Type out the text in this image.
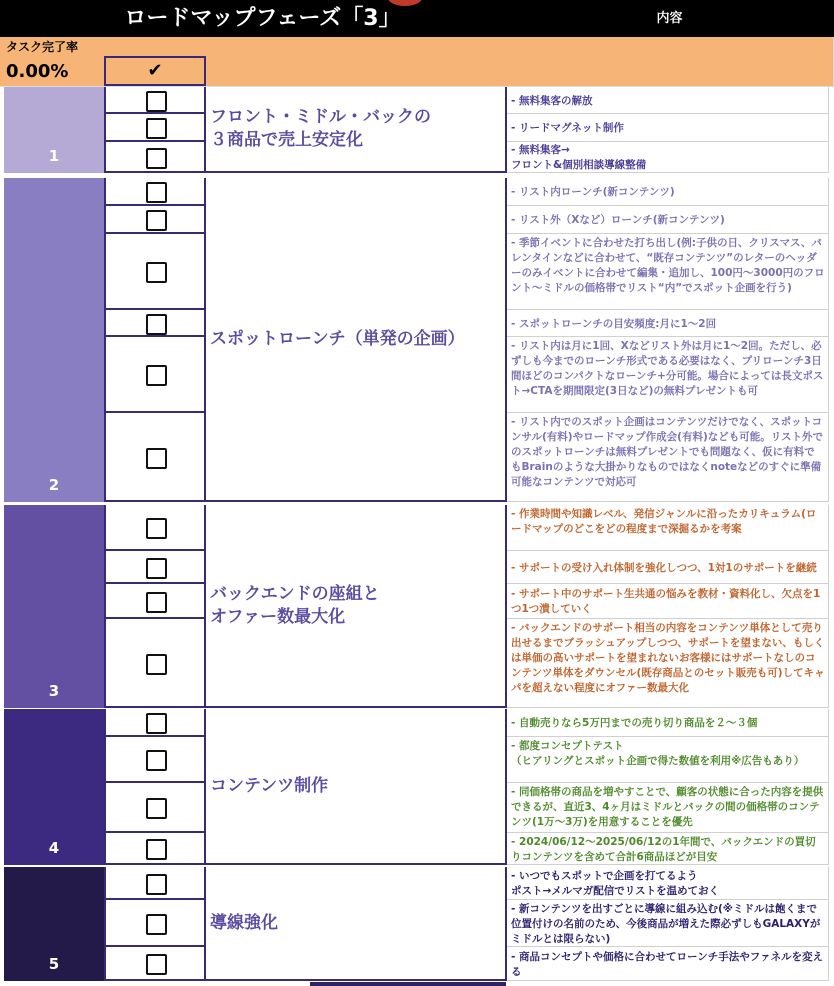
ロードマップフェーズ「3」	内容
タスク完了率
0.00%	✔
1
フロント・ミドル・バックの
３商品で売上安定化
- 無料集客の解放
- リードマグネット制作
- 無料集客→
フロント&個別相談導線整備
2
スポットローンチ（単発の企画）
- リスト内ローンチ(新コンテンツ)
- リスト外（Xなど）ローンチ(新コンテンツ)
- 季節イベントに合わせた打ち出し(例:子供の日、クリスマス、バレンタインなどに合わせて、“既存コンテンツ”のレターのヘッダーのみイベントに合わせて編集・追加し、100円〜3000円のフロント〜ミドルの価格帯でリスト“内”でスポット企画を行う)
- スポットローンチの目安頻度:月に1〜2回
- リスト内は月に1回、Xなどリスト外は月に1〜2回。ただし、必ずしも今までのローンチ形式である必要はなく、プリローンチ3日間ほどのコンパクトなローンチ+分可能。場合によっては長文ポスト→CTAを期間限定(3日など)の無料プレゼントも可
- リスト内でのスポット企画はコンテンツだけでなく、スポットコンサル(有料)やロードマップ作成会(有料)なども可能。リスト外でのスポットローンチは無料プレゼントでも問題なく、仮に有料でもBrainのような大掛かりなものではなくnoteなどのすぐに準備可能なコンテンツで対応可
3
バックエンドの座組と
オファー数最大化
- 作業時間や知識レベル、発信ジャンルに沿ったカリキュラム(ロードマップのどこをどの程度まで深掘るかを考案
- サポートの受け入れ体制を強化しつつ、1対1のサポートを継続
- サポート中のサポート生共通の悩みを教材・資料化し、欠点を1つ1つ潰していく
- バックエンドのサポート相当の内容をコンテンツ単体として売り出せるまでブラッシュアップしつつ、サポートを望まない、もしくは単価の高いサポートを望まれないお客様にはサポートなしのコンテンツ単体をダウンセル(既存商品とのセット販売も可)してキャパを超えない程度にオファー数最大化
4
コンテンツ制作
- 自動売りなら5万円までの売り切り商品を２〜３個
- 都度コンセプトテスト
（ヒアリングとスポット企画で得た数値を利用※広告もあり）
- 同価格帯の商品を増やすことで、顧客の状態に合った内容を提供できるが、直近3、4ヶ月はミドルとバックの間の価格帯のコンテンツ(1万〜3万)を用意することを優先
- 2024/06/12〜2025/06/12の1年間で、バックエンドの買切りコンテンツを含めて合計6商品ほどが目安
5
導線強化
- いつでもスポットで企画を打てるよう
ポスト→メルマガ配信でリストを温めておく
- 新コンテンツを出すごとに導線に組み込む(※ミドルは飽くまで位置付けの名前のため、今後商品が増えた際必ずしもGALAXYがミドルとは限らない)
- 商品コンセプトや価格に合わせてローンチ手法やファネルを変える
